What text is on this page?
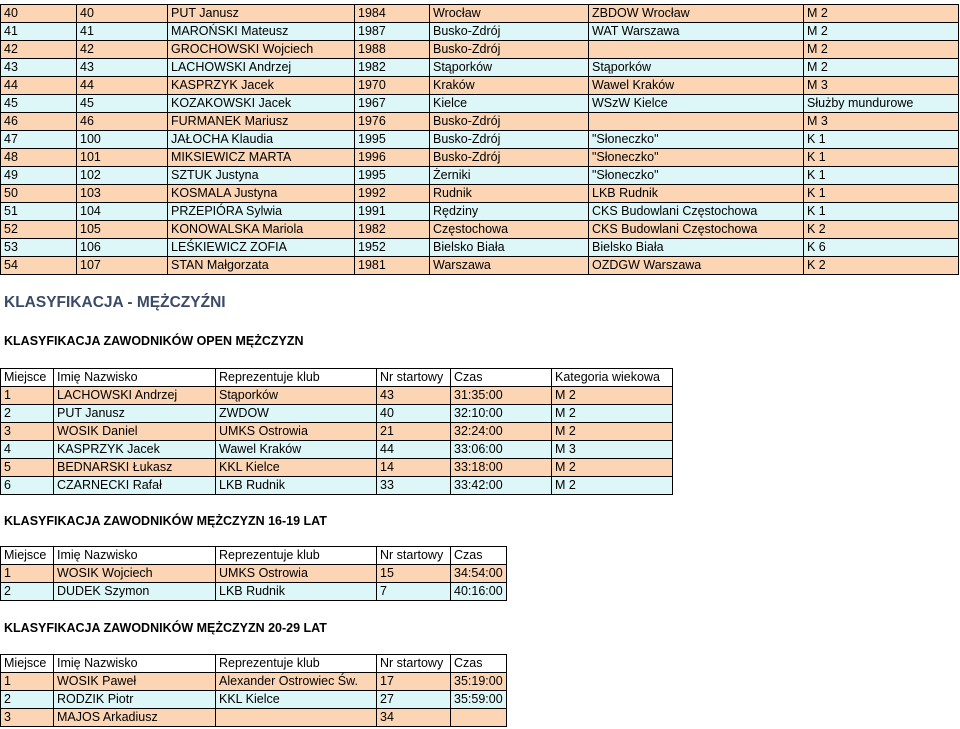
40	40	PUT Janusz	1984	Wrocław	ZBDOW Wrocław	M 2
41	41	MAROŃSKI Mateusz	1987	Busko-Zdrój	WAT Warszawa	M 2
42	42	GROCHOWSKI Wojciech	1988	Busko-Zdrój		M 2
43	43	LACHOWSKI Andrzej	1982	Stąporków	Stąporków	M 2
44	44	KASPRZYK Jacek	1970	Kraków	Wawel Kraków	M 3
45	45	KOZAKOWSKI Jacek	1967	Kielce	WSzW Kielce	Służby mundurowe
46	46	FURMANEK Mariusz	1976	Busko-Zdrój		M 3
47	100	JAŁOCHA Klaudia	1995	Busko-Zdrój	"Słoneczko"	K 1
48	101	MIKSIEWICZ MARTA	1996	Busko-Zdrój	"Słoneczko"	K 1
49	102	SZTUK Justyna	1995	Żerniki	"Słoneczko"	K 1
50	103	KOSMALA Justyna	1992	Rudnik	LKB Rudnik	K 1
51	104	PRZEPIÓRA Sylwia	1991	Rędziny	CKS Budowlani Częstochowa	K 1
52	105	KONOWALSKA Mariola	1982	Częstochowa	CKS Budowlani Częstochowa	K 2
53	106	LEŚKIEWICZ ZOFIA	1952	Bielsko Biała	Bielsko Biała	K 6
54	107	STAN Małgorzata	1981	Warszawa	OZDGW Warszawa	K 2
KLASYFIKACJA - MĘŻCZYŹNI
KLASYFIKACJA ZAWODNIKÓW OPEN MĘŻCZYZN
Miejsce	Imię Nazwisko	Reprezentuje klub	Nr startowy	Czas	Kategoria wiekowa
1	LACHOWSKI Andrzej	Stąporków	43	31:35:00	M 2
2	PUT Janusz	ZWDOW	40	32:10:00	M 2
3	WOSIK Daniel	UMKS Ostrowia	21	32:24:00	M 2
4	KASPRZYK Jacek	Wawel Kraków	44	33:06:00	M 3
5	BEDNARSKI Łukasz	KKL Kielce	14	33:18:00	M 2
6	CZARNECKI Rafał	LKB Rudnik	33	33:42:00	M 2
KLASYFIKACJA ZAWODNIKÓW MĘŻCZYZN 16-19 LAT
Miejsce	Imię Nazwisko	Reprezentuje klub	Nr startowy	Czas
1	WOSIK Wojciech	UMKS Ostrowia	15	34:54:00
2	DUDEK Szymon	LKB Rudnik	7	40:16:00
KLASYFIKACJA ZAWODNIKÓW MĘŻCZYZN 20-29 LAT
Miejsce	Imię Nazwisko	Reprezentuje klub	Nr startowy	Czas
1	WOSIK Paweł	Alexander Ostrowiec Św.	17	35:19:00
2	RODZIK Piotr	KKL Kielce	27	35:59:00
3	MAJOS Arkadiusz		34	
